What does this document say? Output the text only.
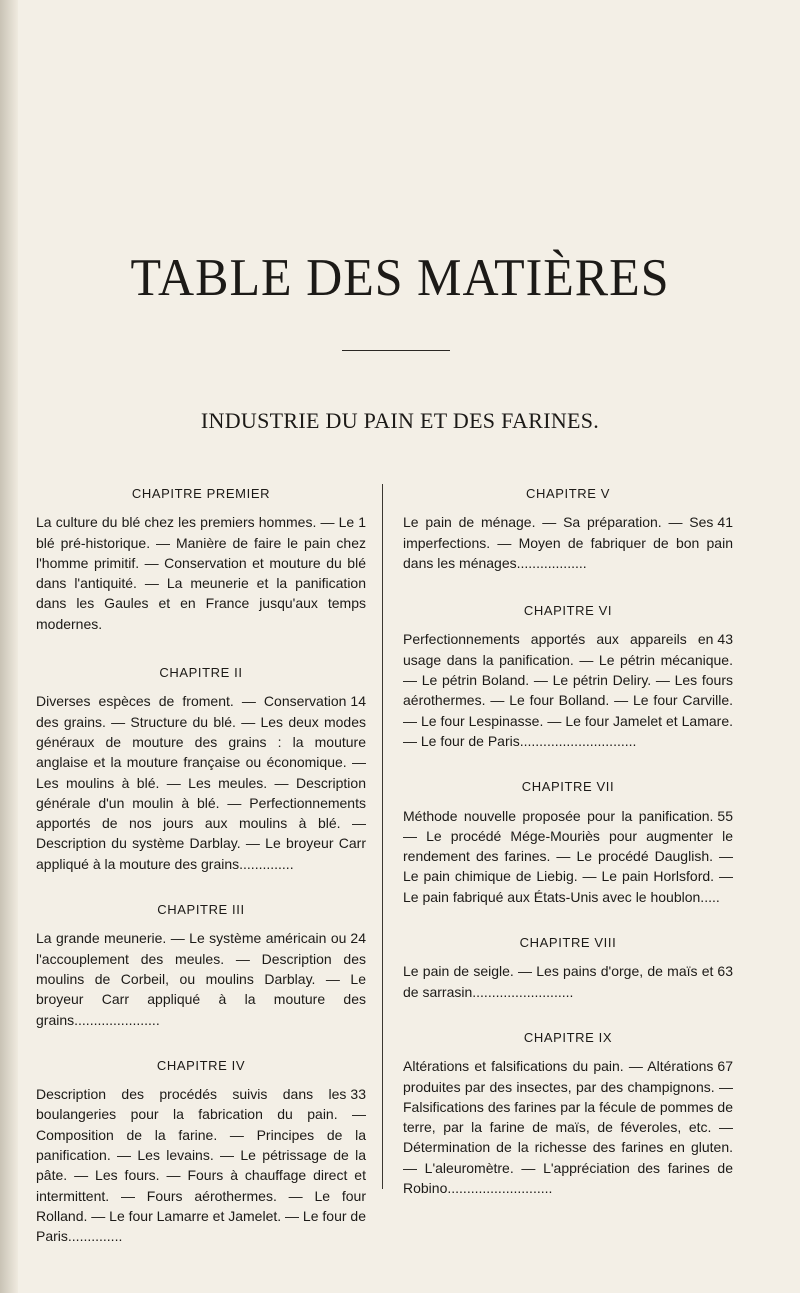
TABLE DES MATIÈRES
INDUSTRIE DU PAIN ET DES FARINES.
CHAPITRE PREMIER

1
La culture du blé chez les premiers hommes. — Le blé pré-historique. — Manière de faire le pain chez l'homme primitif. — Conservation et mouture du blé dans l'antiquité. — La meunerie et la panification dans les Gaules et en France jusqu'aux temps modernes.

CHAPITRE II

14
Diverses espèces de froment. — Conservation des grains. — Structure du blé. — Les deux modes généraux de mouture des grains : la mouture anglaise et la mouture française ou économique. — Les moulins à blé. — Les meules. — Description générale d'un moulin à blé. — Perfectionnements apportés de nos jours aux moulins à blé. — Description du système Darblay. — Le broyeur Carr appliqué à la mouture des grains..............

CHAPITRE III

24
La grande meunerie. — Le système américain ou l'accouplement des meules. — Description des moulins de Corbeil, ou moulins Darblay. — Le broyeur Carr appliqué à la mouture des grains......................

CHAPITRE IV

33
Description des procédés suivis dans les boulangeries pour la fabrication du pain. — Composition de la farine. — Principes de la panification. — Les levains. — Le pétrissage de la pâte. — Les fours. — Fours à chauffage direct et intermittent. — Fours aérothermes. — Le four Rolland. — Le four Lamarre et Jamelet. — Le four de Paris..............

CHAPITRE V

41
Le pain de ménage. — Sa préparation. — Ses imperfections. — Moyen de fabriquer de bon pain dans les ménages..................

CHAPITRE VI

43
Perfectionnements apportés aux appareils en usage dans la panification. — Le pétrin mécanique. — Le pétrin Boland. — Le pétrin Deliry. — Les fours aérothermes. — Le four Bolland. — Le four Carville. — Le four Lespinasse. — Le four Jamelet et Lamare. — Le four de Paris..............................

CHAPITRE VII

55
Méthode nouvelle proposée pour la panification. — Le procédé Mége-Mouriès pour augmenter le rendement des farines. — Le procédé Dauglish. — Le pain chimique de Liebig. — Le pain Horlsford. — Le pain fabriqué aux États-Unis avec le houblon.....

CHAPITRE VIII

63
Le pain de seigle. — Les pains d'orge, de maïs et de sarrasin..........................

CHAPITRE IX

67
Altérations et falsifications du pain. — Altérations produites par des insectes, par des champignons. — Falsifications des farines par la fécule de pommes de terre, par la farine de maïs, de féveroles, etc. — Détermination de la richesse des farines en gluten. — L'aleuromètre. — L'appréciation des farines de Robino...........................
